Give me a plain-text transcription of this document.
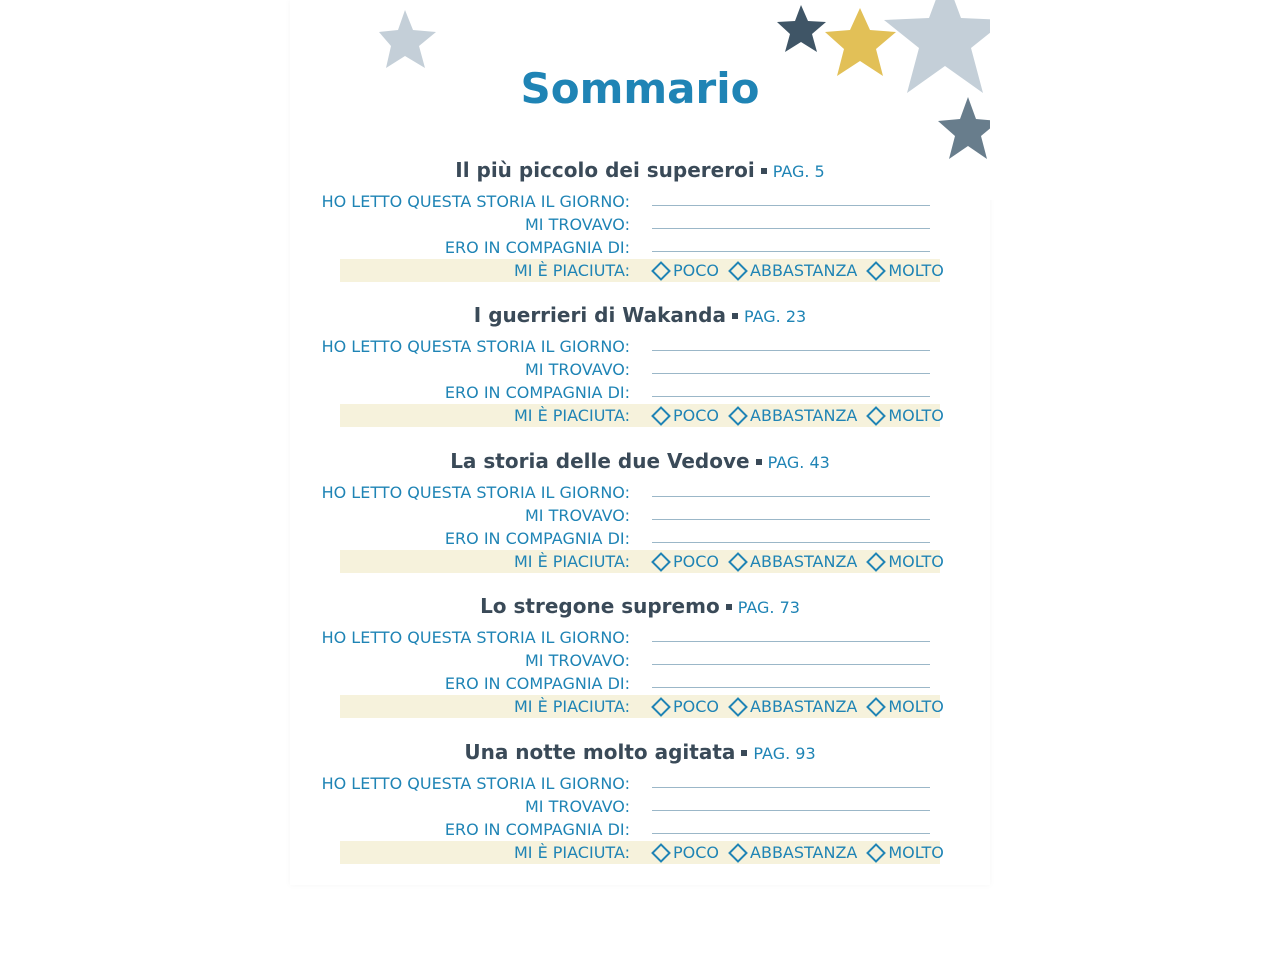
Sommario
Il più piccolo dei supereroi PAG. 5
HO LETTO QUESTA STORIA IL GIORNO:
MI TROVAVO:
ERO IN COMPAGNIA DI:
MI È PIACIUTA:	POCO ABBASTANZA MOLTO
I guerrieri di Wakanda PAG. 23
HO LETTO QUESTA STORIA IL GIORNO:
MI TROVAVO:
ERO IN COMPAGNIA DI:
MI È PIACIUTA:	POCO ABBASTANZA MOLTO
La storia delle due Vedove PAG. 43
HO LETTO QUESTA STORIA IL GIORNO:
MI TROVAVO:
ERO IN COMPAGNIA DI:
MI È PIACIUTA:	POCO ABBASTANZA MOLTO
Lo stregone supremo PAG. 73
HO LETTO QUESTA STORIA IL GIORNO:
MI TROVAVO:
ERO IN COMPAGNIA DI:
MI È PIACIUTA:	POCO ABBASTANZA MOLTO
Una notte molto agitata PAG. 93
HO LETTO QUESTA STORIA IL GIORNO:
MI TROVAVO:
ERO IN COMPAGNIA DI:
MI È PIACIUTA:	POCO ABBASTANZA MOLTO
